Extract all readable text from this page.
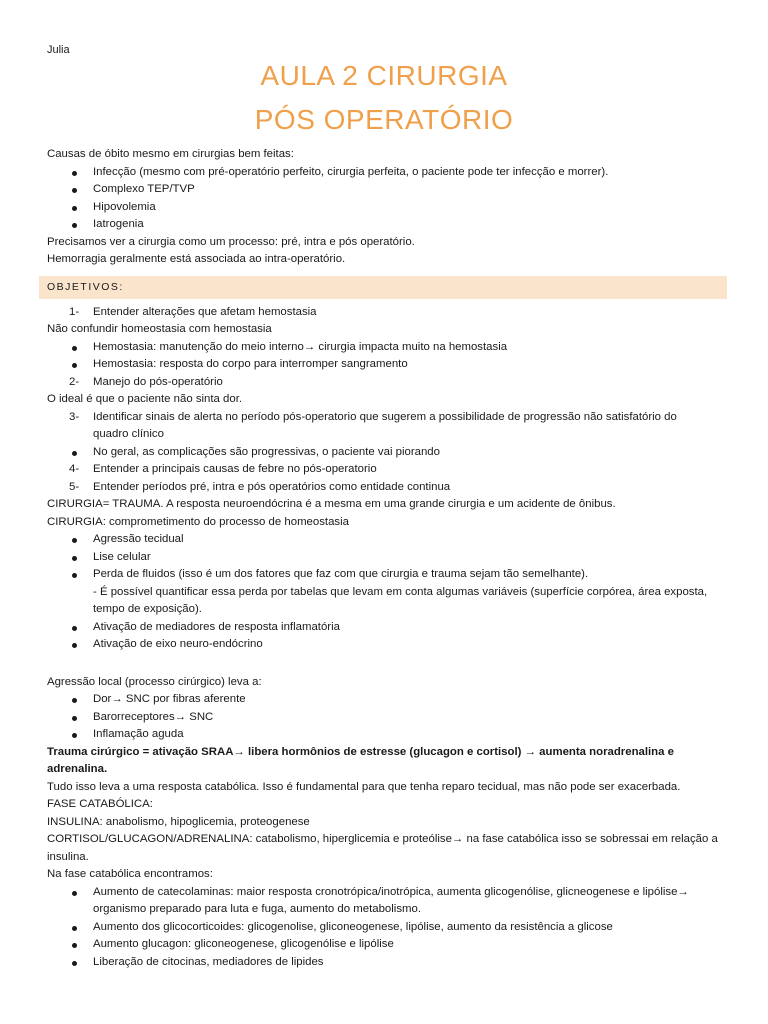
Julia
AULA 2 CIRURGIA
PÓS OPERATÓRIO
Causas de óbito mesmo em cirurgias bem feitas:
Infecção (mesmo com pré-operatório perfeito, cirurgia perfeita, o paciente pode ter infecção e morrer).
Complexo TEP/TVP
Hipovolemia
Iatrogenia
Precisamos ver a cirurgia como um processo: pré, intra e pós operatório.
Hemorragia geralmente está associada ao intra-operatório.
OBJETIVOS:
1- Entender alterações que afetam hemostasia
Não confundir homeostasia com hemostasia
Hemostasia: manutenção do meio interno→ cirurgia impacta muito na hemostasia
Hemostasia: resposta do corpo para interromper sangramento
2- Manejo do pós-operatório
O ideal é que o paciente não sinta dor.
3- Identificar sinais de alerta no período pós-operatorio que sugerem a possibilidade de progressão não satisfatório do
quadro clínico
No geral, as complicações são progressivas, o paciente vai piorando
4- Entender a principais causas de febre no pós-operatorio
5- Entender períodos pré, intra e pós operatórios como entidade continua
CIRURGIA= TRAUMA. A resposta neuroendócrina é a mesma em uma grande cirurgia e um acidente de ônibus.
CIRURGIA: comprometimento do processo de homeostasia
Agressão tecidual
Lise celular
Perda de fluidos (isso é um dos fatores que faz com que cirurgia e trauma sejam tão semelhante).
- É possível quantificar essa perda por tabelas que levam em conta algumas variáveis (superfície corpórea, área exposta,
tempo de exposição).
Ativação de mediadores de resposta inflamatória
Ativação de eixo neuro-endócrino
Agressão local (processo cirúrgico) leva a:
Dor→ SNC por fibras aferente
Barorreceptores→ SNC
Inflamação aguda
Trauma cirúrgico = ativação SRAA→ libera hormônios de estresse (glucagon e cortisol) → aumenta noradrenalina e
adrenalina.
Tudo isso leva a uma resposta catabólica. Isso é fundamental para que tenha reparo tecidual, mas não pode ser exacerbada.
FASE CATABÓLICA:
INSULINA: anabolismo, hipoglicemia, proteogenese
CORTISOL/GLUCAGON/ADRENALINA: catabolismo, hiperglicemia e proteólise→ na fase catabólica isso se sobressai em relação a
insulina.
Na fase catabólica encontramos:
Aumento de catecolaminas: maior resposta cronotrópica/inotrópica, aumenta glicogenólise, glicneogenese e lipólise→
organismo preparado para luta e fuga, aumento do metabolismo.
Aumento dos glicocorticoides: glicogenolise, gliconeogenese, lipólise, aumento da resistência a glicose
Aumento glucagon: gliconeogenese, glicogenólise e lipólise
Liberação de citocinas, mediadores de lipides
